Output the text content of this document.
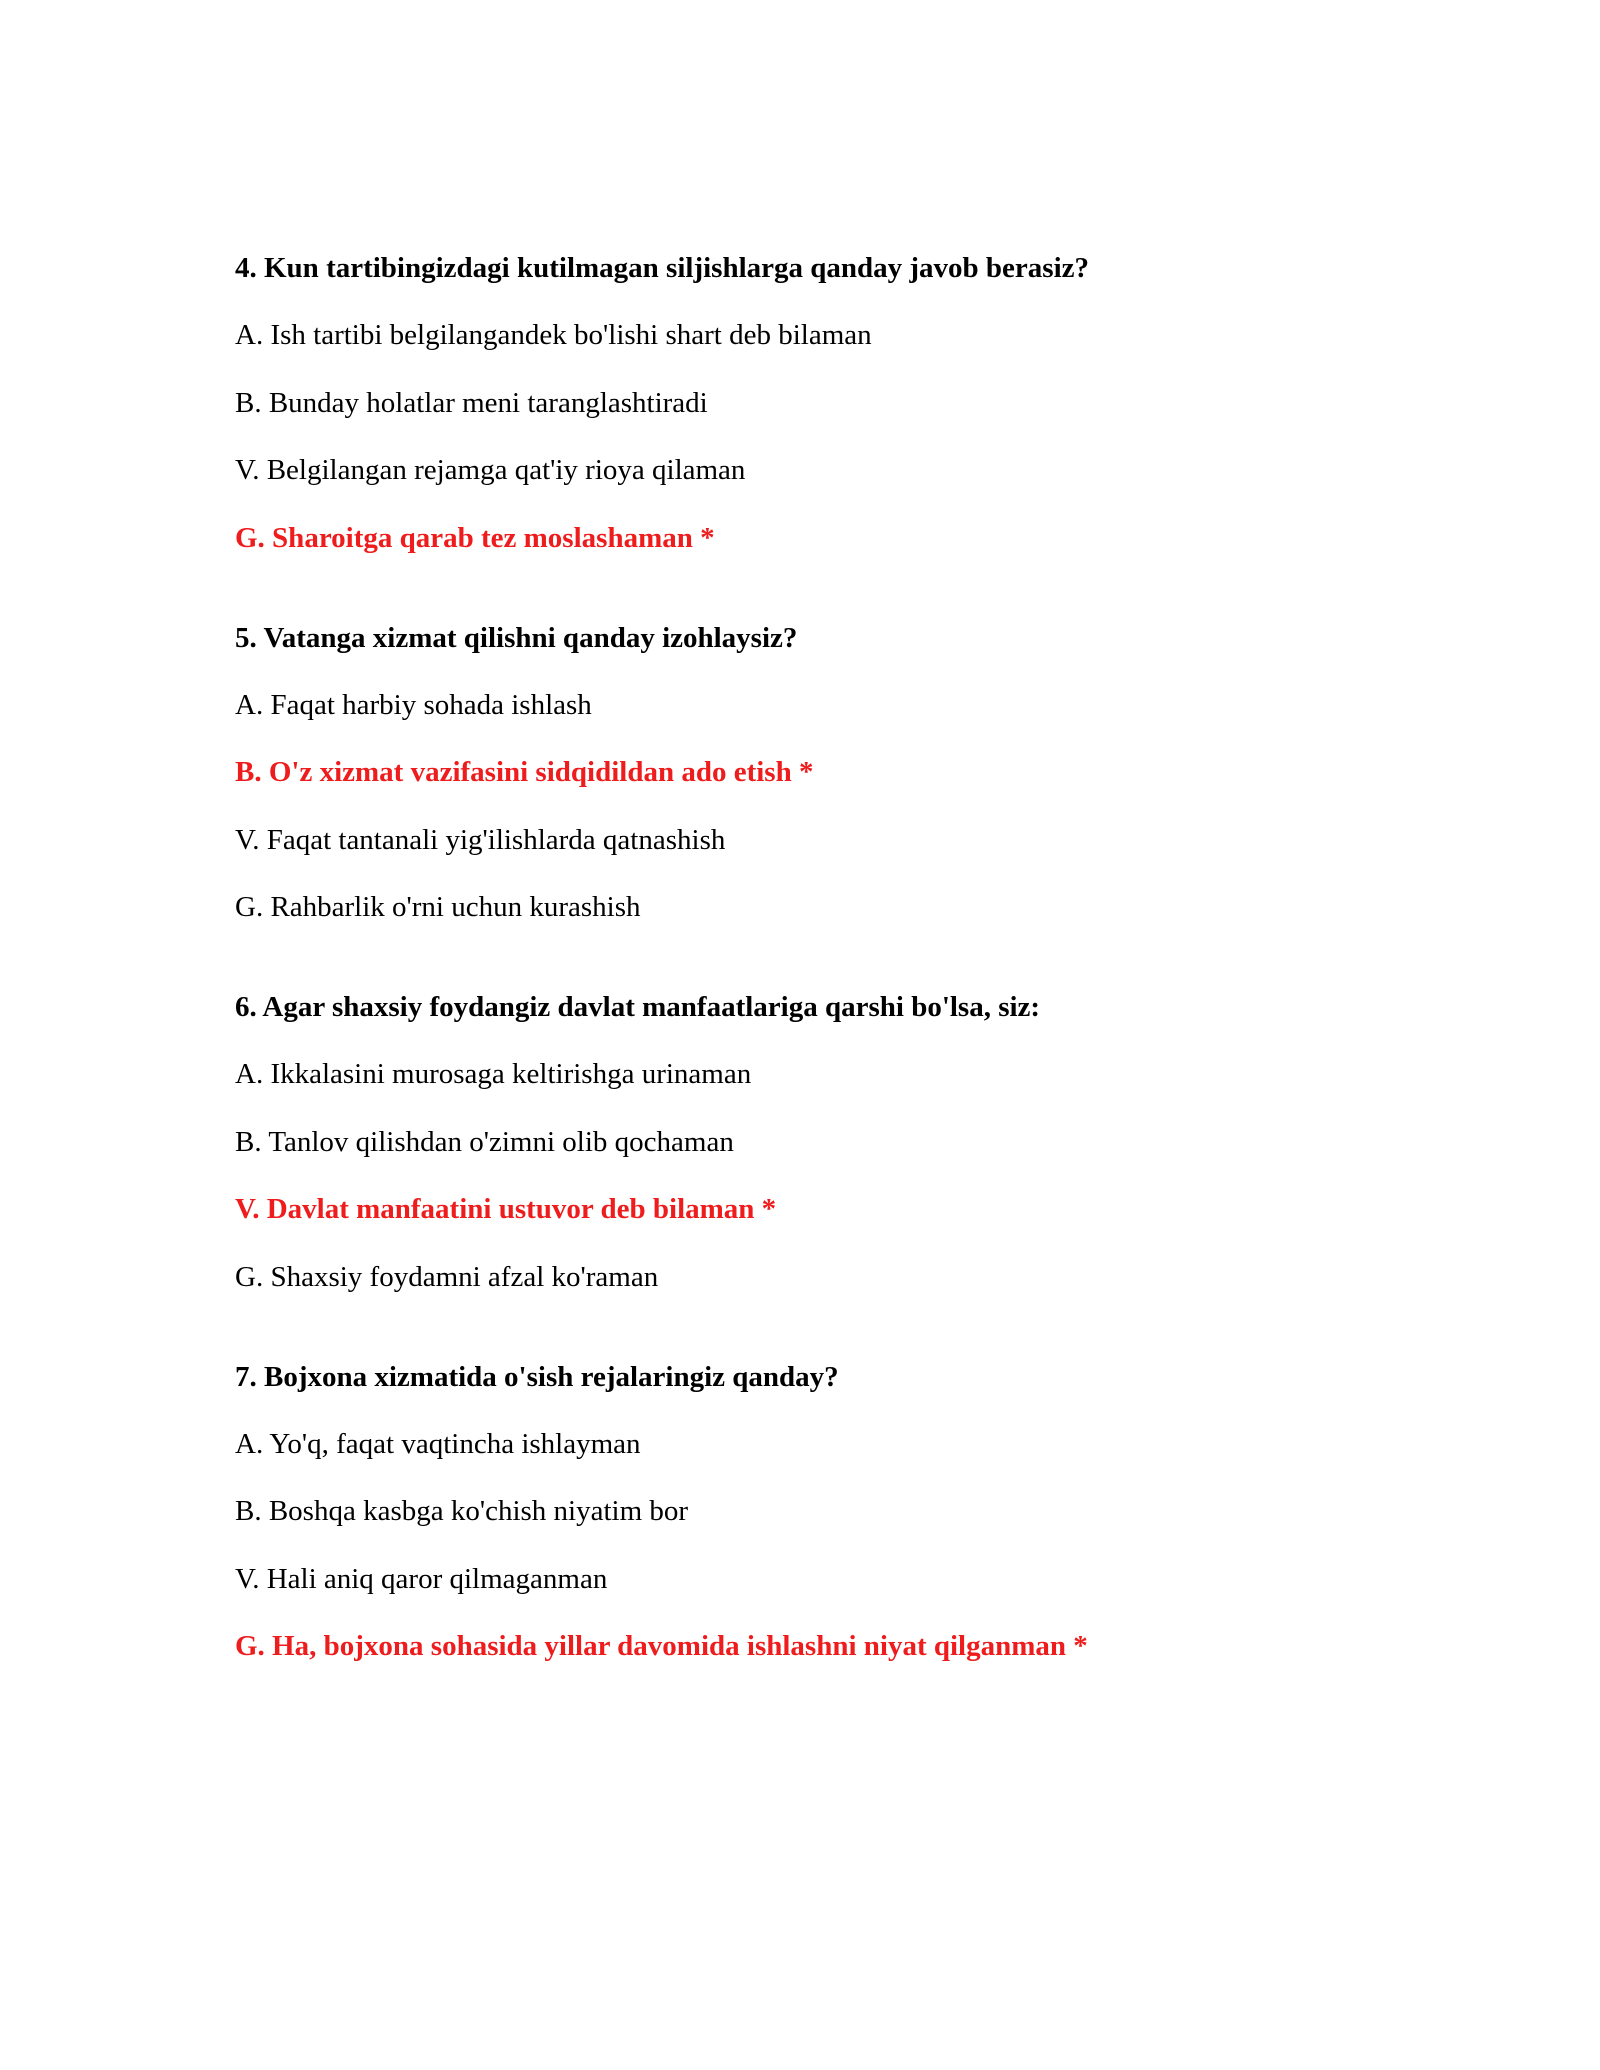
4. Kun tartibingizdagi kutilmagan siljishlarga qanday javob berasiz?

A. Ish tartibi belgilangandek bo'lishi shart deb bilaman

B. Bunday holatlar meni taranglashtiradi

V. Belgilangan rejamga qat'iy rioya qilaman

G. Sharoitga qarab tez moslashaman *

5. Vatanga xizmat qilishni qanday izohlaysiz?

A. Faqat harbiy sohada ishlash

B. O'z xizmat vazifasini sidqidildan ado etish *

V. Faqat tantanali yig'ilishlarda qatnashish

G. Rahbarlik o'rni uchun kurashish

6. Agar shaxsiy foydangiz davlat manfaatlariga qarshi bo'lsa, siz:

A. Ikkalasini murosaga keltirishga urinaman

B. Tanlov qilishdan o'zimni olib qochaman

V. Davlat manfaatini ustuvor deb bilaman *

G. Shaxsiy foydamni afzal ko'raman

7. Bojxona xizmatida o'sish rejalaringiz qanday?

A. Yo'q, faqat vaqtincha ishlayman

B. Boshqa kasbga ko'chish niyatim bor

V. Hali aniq qaror qilmaganman

G. Ha, bojxona sohasida yillar davomida ishlashni niyat qilganman *
